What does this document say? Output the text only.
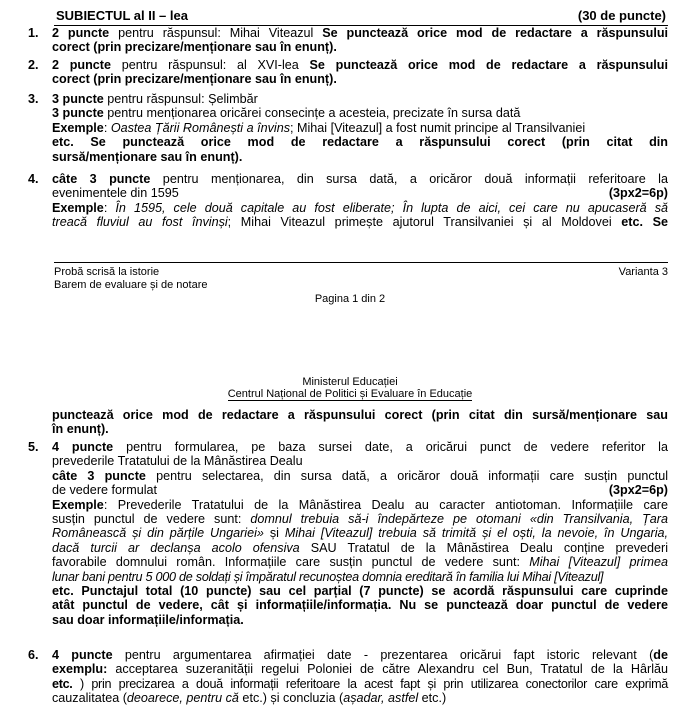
SUBIECTUL al II – lea	(30 de puncte)
1. 2 puncte pentru răspunsul: Mihai Viteazul Se punctează orice mod de redactare a răspunsului
corect (prin precizare/menționare sau în enunț).
2. 2 puncte pentru răspunsul: al XVI-lea Se punctează orice mod de redactare a răspunsului
corect (prin precizare/menționare sau în enunț).
3. 3 puncte pentru răspunsul: Șelimbăr
3 puncte pentru menționarea oricărei consecințe a acesteia, precizate în sursa dată
Exemple: Oastea Țării Românești a învins; Mihai [Viteazul] a fost numit principe al Transilvaniei
etc. Se punctează orice mod de redactare a răspunsului corect (prin citat din
sursă/menționare sau în enunț).
4. câte 3 puncte pentru menționarea, din sursa dată, a oricăror două informații referitoare la
evenimentele din 1595	(3px2=6p)
Exemple: În 1595, cele două capitale au fost eliberate; În lupta de aici, cei care nu apucaseră să
treacă fluviul au fost învinși; Mihai Viteazul primește ajutorul Transilvaniei și al Moldovei etc. Se
Probă scrisă la istorie
Barem de evaluare și de notare
Varianta 3
Pagina 1 din 2
Ministerul Educației
Centrul Național de Politici și Evaluare în Educație
punctează orice mod de redactare a răspunsului corect (prin citat din sursă/menționare sau
în enunț).
5. 4 puncte pentru formularea, pe baza sursei date, a oricărui punct de vedere referitor la
prevederile Tratatului de la Mânăstirea Dealu
câte 3 puncte pentru selectarea, din sursa dată, a oricăror două informații care susțin punctul
de vedere formulat	(3px2=6p)
Exemple: Prevederile Tratatului de la Mânăstirea Dealu au caracter antiotoman. Informațiile care
susțin punctul de vedere sunt: domnul trebuia să-i îndepărteze pe otomani «din Transilvania, Țara
Românească și din părțile Ungariei» și Mihai [Viteazul] trebuia să trimită și el oști, la nevoie, în Ungaria,
dacă turcii ar declanșa acolo ofensiva SAU Tratatul de la Mânăstirea Dealu conține prevederi
favorabile domnului român. Informațiile care susțin punctul de vedere sunt: Mihai [Viteazul] primea
lunar bani pentru 5 000 de soldați și împăratul recunoștea domnia ereditară în familia lui Mihai [Viteazul]
etc. Punctajul total (10 puncte) sau cel parțial (7 puncte) se acordă răspunsului care cuprinde
atât punctul de vedere, cât și informațiile/informația. Nu se punctează doar punctul de vedere
sau doar informațiile/informația.
6. 4 puncte pentru argumentarea afirmației date - prezentarea oricărui fapt istoric relevant (de
exemplu: acceptarea suzeranității regelui Poloniei de către Alexandru cel Bun, Tratatul de la Hârlău
etc. ) prin precizarea a două informații referitoare la acest fapt și prin utilizarea conectorilor care exprimă
cauzalitatea (deoarece, pentru că etc.) și concluzia (așadar, astfel etc.)
